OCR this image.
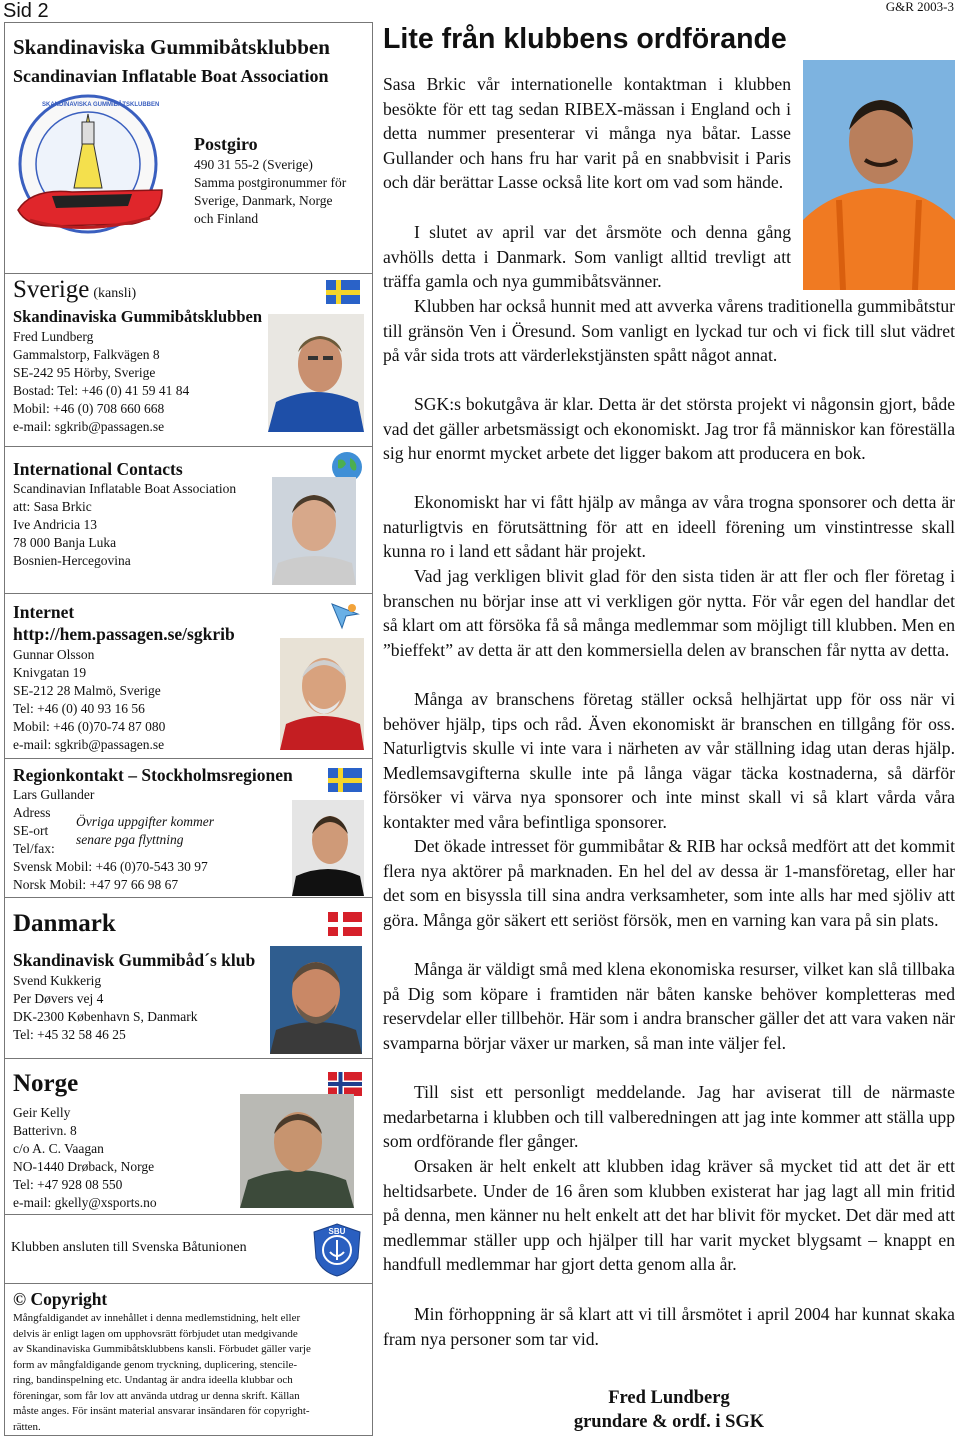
Sid 2	G&R 2003-3
Skandinaviska Gummibåtsklubben
Scandinavian Inflatable Boat Association
SKANDINAVISKA GUMMIBÅTSKLUBBEN
Postgiro
490 31 55-2 (Sverige)
Samma postgironummer för
Sverige, Danmark, Norge
och Finland
Sverige (kansli)
Skandinaviska Gummibåtsklubben
Fred Lundberg
Gammalstorp, Falkvägen 8
SE-242 95 Hörby, Sverige
Bostad: Tel: +46 (0) 41 59 41 84
Mobil: +46 (0) 708 660 668
e-mail: sgkrib@passagen.se
International Contacts
Scandinavian Inflatable Boat Association
att: Sasa Brkic
Ive Andricia 13
78 000 Banja Luka
Bosnien-Hercegovina
Internet
http://hem.passagen.se/sgkrib
Gunnar Olsson
Knivgatan 19
SE-212 28 Malmö, Sverige
Tel: +46 (0) 40 93 16 56
Mobil: +46 (0)70-74 87 080
e-mail: sgkrib@passagen.se
Regionkontakt – Stockholmsregionen
Lars Gullander
Adress
SE-ort
Tel/fax:
Övriga uppgifter kommer
senare pga flyttning
Svensk Mobil: +46 (0)70-543 30 97
Norsk Mobil: +47 97 66 98 67
Danmark
Skandinavisk Gummibåd´s klub
Svend Kukkerig
Per Døvers vej 4
DK-2300 København S, Danmark
Tel: +45 32 58 46 25
Norge
Geir Kelly
Batterivn. 8
c/o A. C. Vaagan
NO-1440 Drøback, Norge
Tel: +47 928 08 550
e-mail: gkelly@xsports.no
Klubben ansluten till Svenska Båtunionen
SBU
© Copyright
Mångfaldigandet av innehållet i denna medlemstidning, helt eller
delvis är enligt lagen om upphovsrätt förbjudet utan medgivande
av Skandinaviska Gummibåtsklubbens kansli. Förbudet gäller varje
form av mångfaldigande genom tryckning, duplicering, stencile-
ring, bandinspelning etc. Undantag är andra ideella klubbar och
föreningar, som får lov att använda utdrag ur denna skrift. Källan
måste anges. För insänt material ansvarar insändaren för copyright-
rätten.
Lite från klubbens ordförande

Sasa Brkic vår internationelle kontaktman i klubben besökte för ett tag sedan RIBEX-mässan i England och i detta nummer presenterar vi många nya båtar. Lasse Gullander och hans fru har varit på en snabbvisit i Paris och där berättar Lasse också lite kort om vad som hände.

I slutet av april var det årsmöte och denna gång avhölls detta i Danmark. Som vanligt alltid trevligt att träffa gamla och nya gummibåtsvänner.

Klubben har också hunnit med att avverka vårens traditionella gummibåtstur till gränsön Ven i Öresund. Som vanligt en lyckad tur och vi fick till slut vädret på vår sida trots att värderlekstjänsten spått något annat.

SGK:s bokutgåva är klar. Detta är det största projekt vi någonsin gjort, både vad det gäller arbetsmässigt och ekonomiskt. Jag tror få människor kan föreställa sig hur enormt mycket arbete det ligger bakom att producera en bok.

Ekonomiskt har vi fått hjälp av många av våra trogna sponsorer och detta är naturligtvis en förutsättning för att en ideell förening um vinstintresse skall kunna ro i land ett sådant här projekt.

Vad jag verkligen blivit glad för den sista tiden är att fler och fler företag i branschen nu börjar inse att vi verkligen gör nytta. För vår egen del handlar det så klart om att försöka få så många medlemmar som möjligt till klubben. Men en ”bieffekt” av detta är att den kommersiella delen av branschen får nytta av detta.

Många av branschens företag ställer också helhjärtat upp för oss när vi behöver hjälp, tips och råd. Även ekonomiskt är branschen en tillgång för oss. Naturligtvis skulle vi inte vara i närheten av vår ställning idag utan deras hjälp. Medlemsavgifterna skulle inte på långa vägar täcka kostnaderna, så därför försöker vi värva nya sponsorer och inte minst skall vi så klart vårda våra kontakter med våra befintliga sponsorer.

Det ökade intresset för gummibåtar & RIB har också medfört att det kommit flera nya aktörer på marknaden. En hel del av dessa är 1-mansföretag, eller har det som en bisyssla till sina andra verksamheter, som inte alls har med sjöliv att göra. Många gör säkert ett seriöst försök, men en varning kan vara på sin plats.

Många är väldigt små med klena ekonomiska resurser, vilket kan slå tillbaka på Dig som köpare i framtiden när båten kanske behöver kompletteras med reservdelar eller tillbehör. Här som i andra branscher gäller det att vara vaken när svamparna börjar växer ur marken, så man inte väljer fel.

Till sist ett personligt meddelande. Jag har aviserat till de närmaste medarbetarna i klubben och till valberedningen att jag inte kommer att ställa upp som ordförande fler gånger.

Orsaken är helt enkelt att klubben idag kräver så mycket tid att det är ett heltidsarbete. Under de 16 åren som klubben existerat har jag lagt all min fritid på denna, men känner nu helt enkelt att det har blivit för mycket. Det där med att medlemmar ställer upp och hjälper till har varit mycket blygsamt – knappt en handfull medlemmar har gjort detta genom alla år.

Min förhoppning är så klart att vi till årsmötet i april 2004 har kunnat skaka fram nya personer som tar vid.

Fred Lundberg
grundare & ordf. i SGK
